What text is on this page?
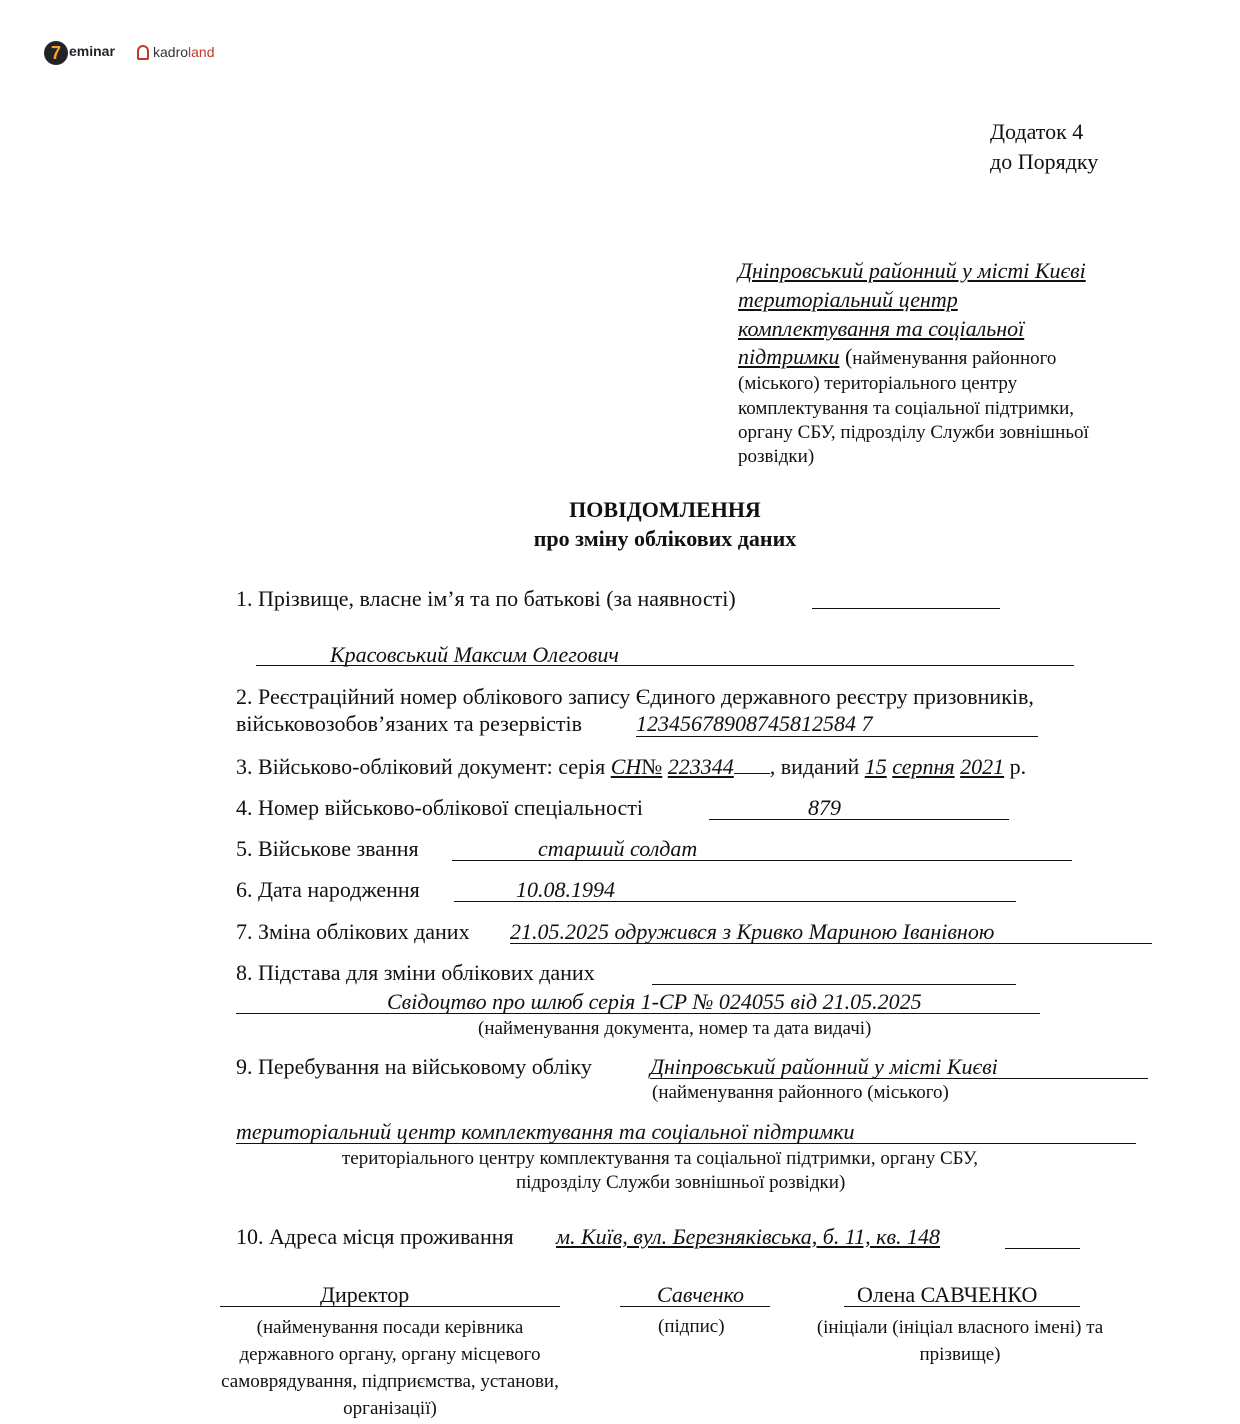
7 eminar	kadroland
Додаток 4
до Порядку
Дніпровський районний у місті Києві
територіальний центр
комплектування та соціальної
підтримки (найменування районного
(міського) територіального центру
комплектування та соціальної підтримки,
органу СБУ, підрозділу Служби зовнішньої
розвідки)
ПОВІДОМЛЕННЯ
про зміну облікових даних
1. Прізвище, власне ім’я та по батькові (за наявності)
Красовський Максим Олегович
2. Реєстраційний номер облікового запису Єдиного державного реєстру призовників,
військовозобов’язаних та резервістів 12345678908745812584 7
3. Військово-обліковий документ: серія СН№ 223344 , виданий 15 серпня 2021 р.
4. Номер військово-облікової спеціальності	879
5. Військове звання	старший солдат
6. Дата народження	10.08.1994
7. Зміна облікових даних 21.05.2025 одружився з Кривко Мариною Іванівною
8. Підстава для зміни облікових даних
Свідоцтво про шлюб серія 1-СР № 024055 від 21.05.2025
(найменування документа, номер та дата видачі)
9. Перебування на військовому обліку	Дніпровський районний у місті Києві
(найменування районного (міського)
територіальний центр комплектування та соціальної підтримки
територіального центру комплектування та соціальної підтримки, органу СБУ,
підрозділу Служби зовнішньої розвідки)
10. Адреса місця проживання м. Київ, вул. Березняківська, б. 11, кв. 148
Директор
(найменування посади керівника
державного органу, органу місцевого
самоврядування, підприємства, установи,
організації)
Савченко
(підпис)
Олена САВЧЕНКО
(ініціали (ініціал власного імені) та
прізвище)
